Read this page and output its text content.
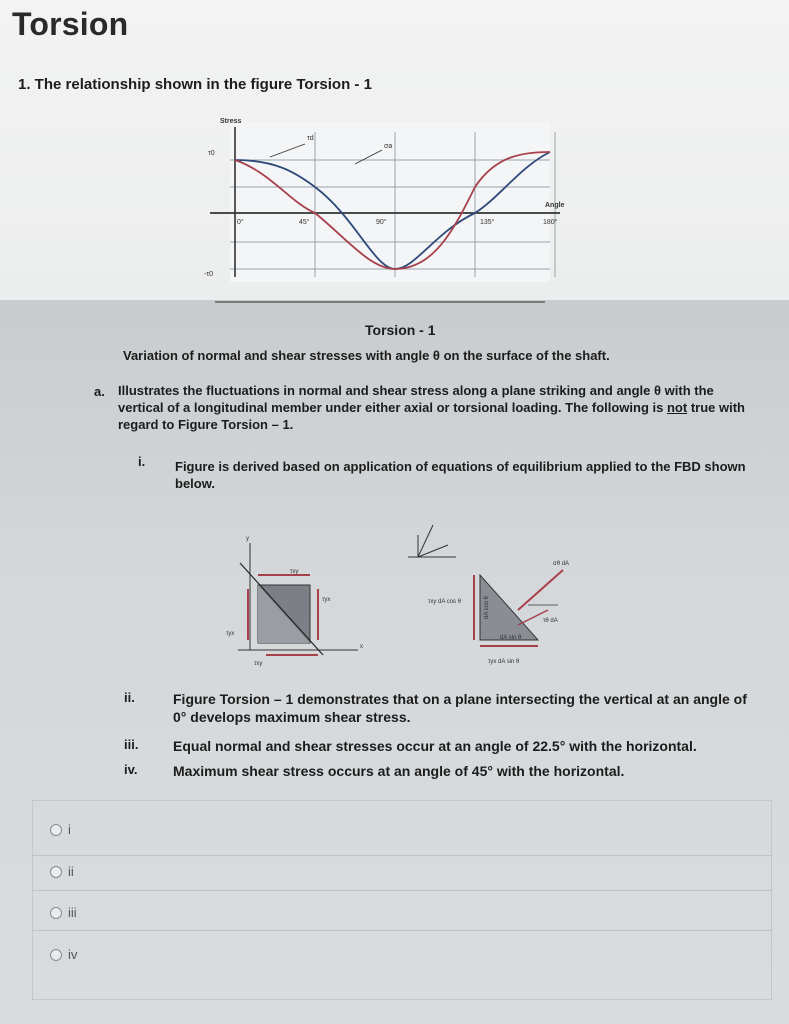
Torsion
1. The relationship shown in the figure Torsion - 1
Stress
τ0
-τ0
Angle
τd
σa
0°	45°	90°	135°	180°
Torsion - 1
Variation of normal and shear stresses with angle θ on the surface of the shaft.
a. Illustrates the fluctuations in normal and shear stress along a plane striking and angle θ with the vertical of a longitudinal member under either axial or torsional loading. The following is not true with regard to Figure Torsion – 1.
i. Figure is derived based on application of equations of equilibrium applied to the FBD shown below.
y
x
τxy
τyx
τyx
τxy
σθ dA
τθ dA
τxy dA cos θ
dA sin θ
τyx dA sin θ
dA cos θ
ii.	Figure Torsion – 1 demonstrates that on a plane intersecting the vertical at an angle of 0° develops maximum shear stress.
iii. Equal normal and shear stresses occur at an angle of 22.5° with the horizontal.
iv.	Maximum shear stress occurs at an angle of 45° with the horizontal.
i
ii
iii
iv
